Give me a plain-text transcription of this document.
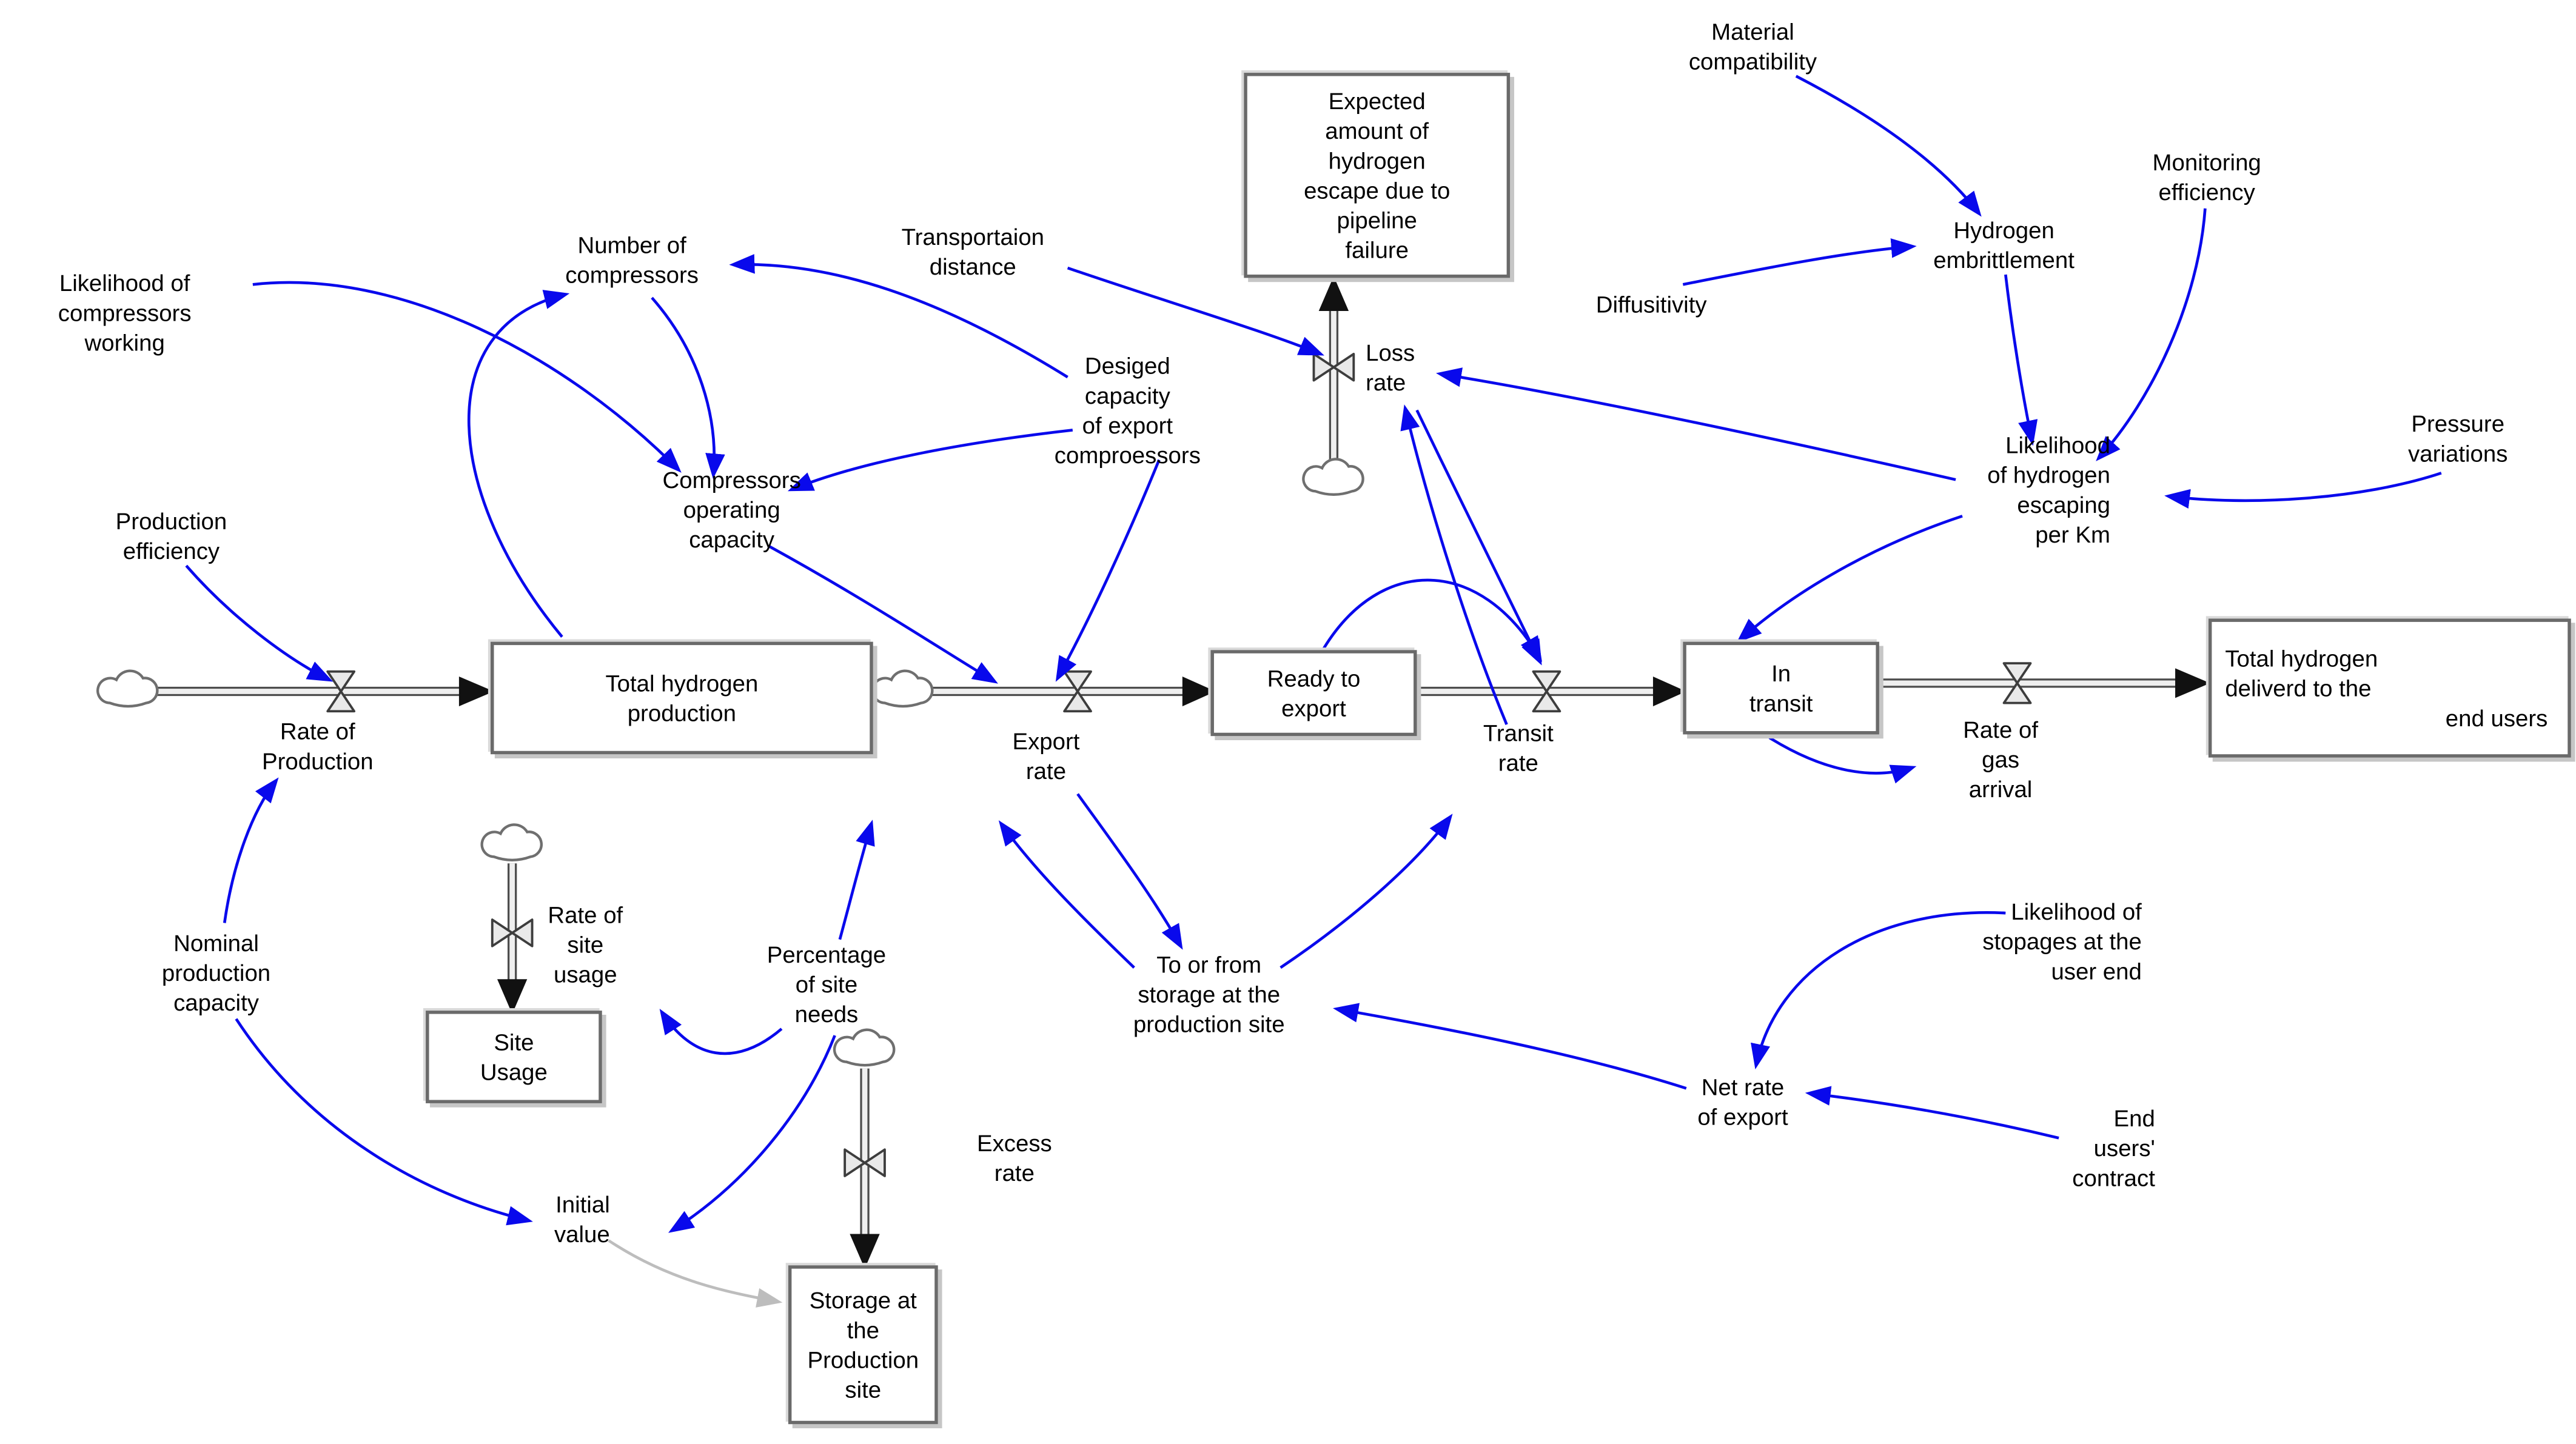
Expected
amount of
hydrogen
escape due to
pipeline
failure
Total hydrogen
production
Ready to
export
In
transit
Total hydrogen
deliverd to the
end users
Site
Usage
Storage at
the
Production
site
Rate of
Production
Export
rate
Transit
rate
Rate of
gas
arrival
Loss
rate
Rate of
site
usage
Excess
rate
Likelihood of
compressors
working
Number of
compressors
Transportaion
distance
Production
efficiency
Compressors
operating
capacity
Desiged
capacity
of export
comproessors
Diffusitivity
Material
compatibility
Monitoring
efficiency
Hydrogen
embrittlement
Likelihood
of hydrogen
escaping
per Km
Pressure
variations
Nominal
production
capacity
Percentage
of site
needs
Initial
value
To or from
storage at the
production site
Net rate
of export
Likelihood of
stopages at the
user end
End
users'
contract
